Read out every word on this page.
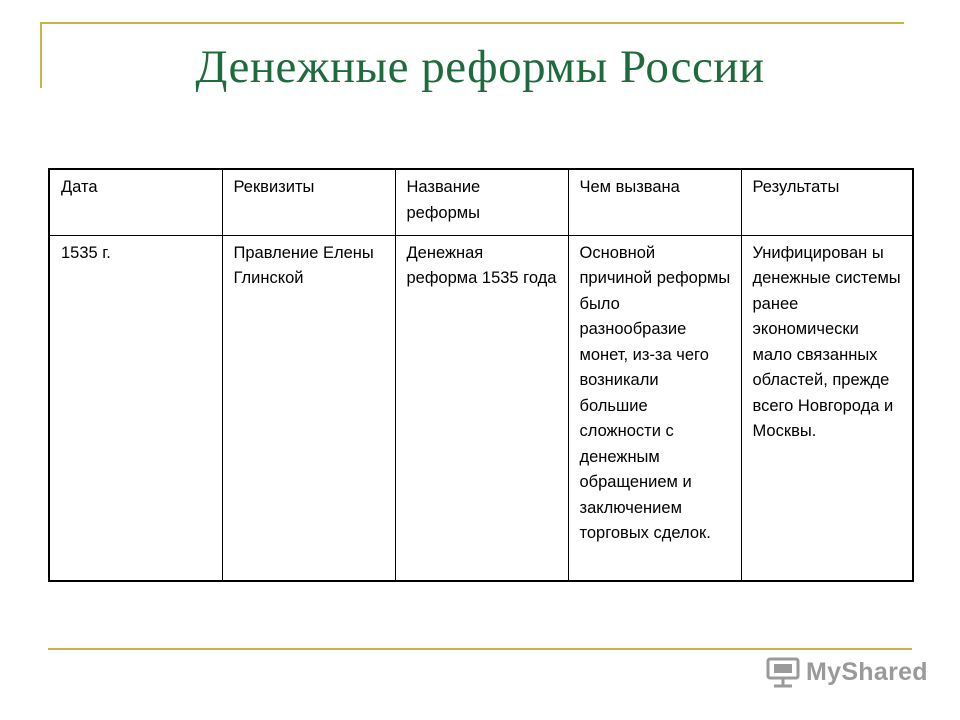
Денежные реформы России
Дата	Реквизиты	Название реформы	Чем вызвана	Результаты
1535 г.	Правление Елены Глинской	Денежная реформа 1535 года	Основной причиной реформы было разнообразие монет, из-за чего возникали большие сложности с денежным обращением и заключением торговых сделок.	Унифицирован ы денежные системы ранее экономически мало связанных областей, прежде всего Новгорода и Москвы.
MyShared
